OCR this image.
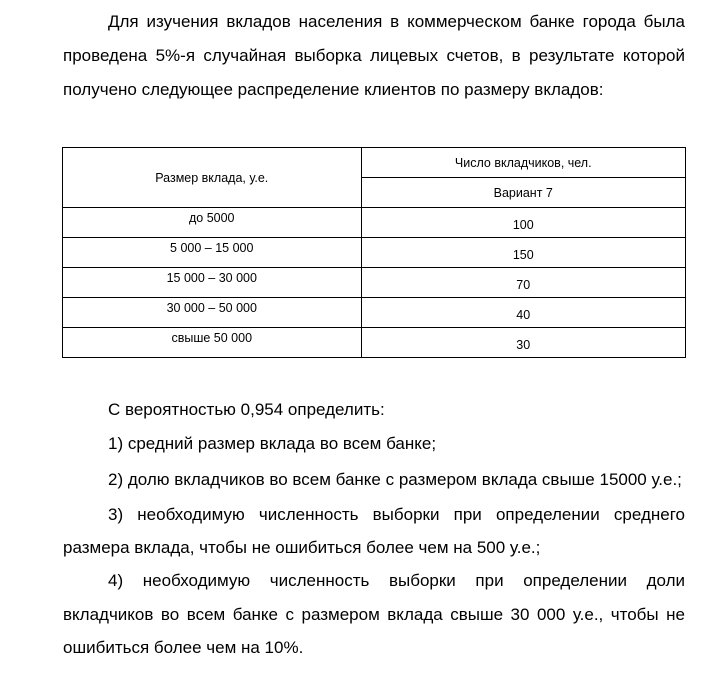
Для изучения вкладов населения в коммерческом банке города была
проведена 5%-я случайная выборка лицевых счетов, в результате которой
получено следующее распределение клиентов по размеру вкладов:
Размер вклада, у.е.	Число вкладчиков, чел.
	Вариант 7
до 5000	100
5 000 – 15 000	150
15 000 – 30 000	70
30 000 – 50 000	40
свыше 50 000	30
С вероятностью 0,954 определить:
1) средний размер вклада во всем банке;
2) долю вкладчиков во всем банке с размером вклада свыше 15000 у.е.;
3) необходимую численность выборки при определении среднего
размера вклада, чтобы не ошибиться более чем на 500 у.е.;
4) необходимую численность выборки при определении доли
вкладчиков во всем банке с размером вклада свыше 30 000 у.е., чтобы не
ошибиться более чем на 10%.
